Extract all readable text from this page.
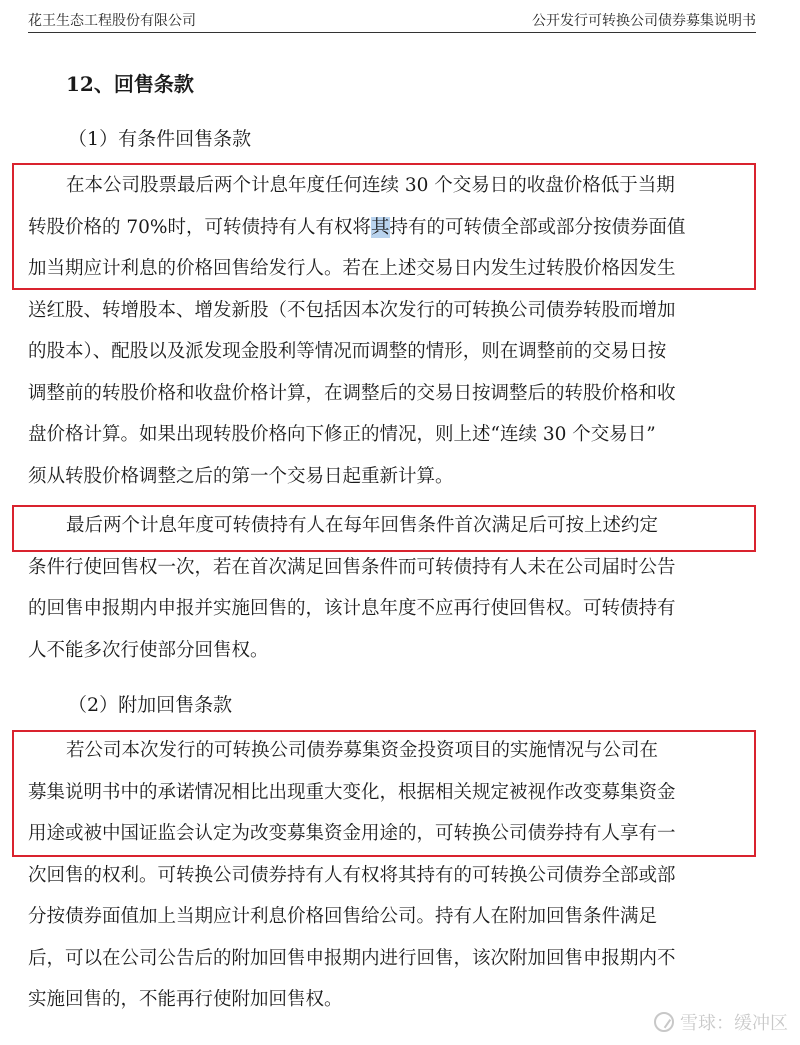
花王生态工程股份有限公司	公开发行可转换公司债券募集说明书
12、回售条款
（1）有条件回售条款
在本公司股票最后两个计息年度任何连续 30 个交易日的收盘价格低于当期
转股价格的 70%时，可转债持有人有权将其持有的可转债全部或部分按债券面值
加当期应计利息的价格回售给发行人。若在上述交易日内发生过转股价格因发生
送红股、转增股本、增发新股（不包括因本次发行的可转换公司债券转股而增加
的股本）、配股以及派发现金股利等情况而调整的情形，则在调整前的交易日按
调整前的转股价格和收盘价格计算，在调整后的交易日按调整后的转股价格和收
盘价格计算。如果出现转股价格向下修正的情况，则上述“连续 30 个交易日”
须从转股价格调整之后的第一个交易日起重新计算。
最后两个计息年度可转债持有人在每年回售条件首次满足后可按上述约定
条件行使回售权一次，若在首次满足回售条件而可转债持有人未在公司届时公告
的回售申报期内申报并实施回售的，该计息年度不应再行使回售权。可转债持有
人不能多次行使部分回售权。
（2）附加回售条款
若公司本次发行的可转换公司债券募集资金投资项目的实施情况与公司在
募集说明书中的承诺情况相比出现重大变化，根据相关规定被视作改变募集资金
用途或被中国证监会认定为改变募集资金用途的，可转换公司债券持有人享有一
次回售的权利。可转换公司债券持有人有权将其持有的可转换公司债券全部或部
分按债券面值加上当期应计利息价格回售给公司。持有人在附加回售条件满足
后，可以在公司公告后的附加回售申报期内进行回售，该次附加回售申报期内不
实施回售的，不能再行使附加回售权。
雪球：缓冲区
